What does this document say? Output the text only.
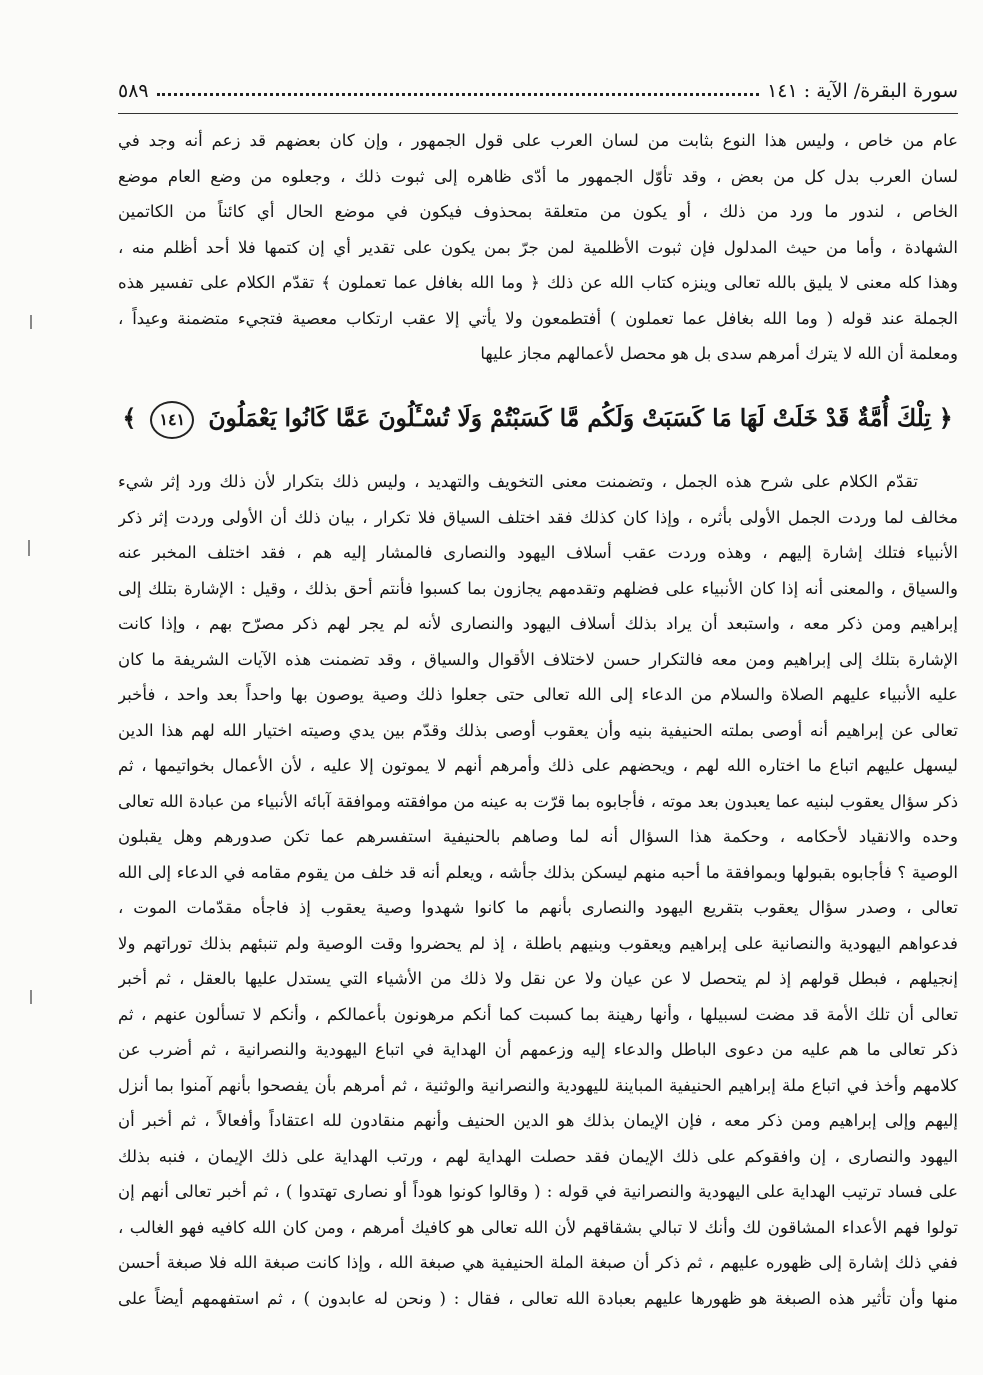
سورة البقرة/ الآية : ١٤١
٥٨٩
عام من خاص ، وليس هذا النوع بثابت من لسان العرب على قول الجمهور ، وإن كان بعضهم قد زعم أنه وجد في
لسان العرب بدل كل من بعض ، وقد تأوّل الجمهور ما أدّى ظاهره إلى ثبوت ذلك ، وجعلوه من وضع العام موضع
الخاص ، لندور ما ورد من ذلك ، أو يكون من متعلقة بمحذوف فيكون في موضع الحال أي كائناً من الكاتمين
الشهادة ، وأما من حيث المدلول فإن ثبوت الأظلمية لمن جرّ بمن يكون على تقدير أي إن كتمها فلا أحد أظلم منه ،
وهذا كله معنى لا يليق بالله تعالى وينزه كتاب الله عن ذلك ﴿ وما الله بغافل عما تعملون ﴾ تقدّم الكلام على تفسير هذه
الجملة عند قوله ( وما الله بغافل عما تعملون ) أفتطمعون ولا يأتي إلا عقب ارتكاب معصية فتجيء متضمنة وعيداً ،
ومعلمة أن الله لا يترك أمرهم سدى بل هو محصل لأعمالهم مجاز عليها
﴿ تِلْكَ أُمَّةٌ قَدْ خَلَتْ لَهَا مَا كَسَبَتْ وَلَكُم مَّا كَسَبْتُمْ وَلَا تُسْـَٔلُونَ عَمَّا كَانُوا يَعْمَلُونَ ١٤١ ﴾
تقدّم الكلام على شرح هذه الجمل ، وتضمنت معنى التخويف والتهديد ، وليس ذلك بتكرار لأن ذلك ورد إثر شيء
مخالف لما وردت الجمل الأولى بأثره ، وإذا كان كذلك فقد اختلف السياق فلا تكرار ، بيان ذلك أن الأولى وردت إثر ذكر
الأنبياء فتلك إشارة إليهم ، وهذه وردت عقب أسلاف اليهود والنصارى فالمشار إليه هم ، فقد اختلف المخبر عنه
والسياق ، والمعنى أنه إذا كان الأنبياء على فضلهم وتقدمهم يجازون بما كسبوا فأنتم أحق بذلك ، وقيل : الإشارة بتلك إلى
إبراهيم ومن ذكر معه ، واستبعد أن يراد بذلك أسلاف اليهود والنصارى لأنه لم يجر لهم ذكر مصرّح بهم ، وإذا كانت
الإشارة بتلك إلى إبراهيم ومن معه فالتكرار حسن لاختلاف الأقوال والسياق ، وقد تضمنت هذه الآيات الشريفة ما كان
عليه الأنبياء عليهم الصلاة والسلام من الدعاء إلى الله تعالى حتى جعلوا ذلك وصية يوصون بها واحداً بعد واحد ، فأخبر
تعالى عن إبراهيم أنه أوصى بملته الحنيفية بنيه وأن يعقوب أوصى بذلك وقدّم بين يدي وصيته اختيار الله لهم هذا الدين
ليسهل عليهم اتباع ما اختاره الله لهم ، ويحضهم على ذلك وأمرهم أنهم لا يموتون إلا عليه ، لأن الأعمال بخواتيمها ، ثم
ذكر سؤال يعقوب لبنيه عما يعبدون بعد موته ، فأجابوه بما قرّت به عينه من موافقته وموافقة آبائه الأنبياء من عبادة الله تعالى
وحده والانقياد لأحكامه ، وحكمة هذا السؤال أنه لما وصاهم بالحنيفية استفسرهم عما تكن صدورهم وهل يقبلون
الوصية ؟ فأجابوه بقبولها وبموافقة ما أحبه منهم ليسكن بذلك جأشه ، ويعلم أنه قد خلف من يقوم مقامه في الدعاء إلى الله
تعالى ، وصدر سؤال يعقوب بتقريع اليهود والنصارى بأنهم ما كانوا شهدوا وصية يعقوب إذ فاجأه مقدّمات الموت ،
فدعواهم اليهودية والنصانية على إبراهيم ويعقوب وبنيهم باطلة ، إذ لم يحضروا وقت الوصية ولم تنبئهم بذلك توراتهم ولا
إنجيلهم ، فبطل قولهم إذ لم يتحصل لا عن عيان ولا عن نقل ولا ذلك من الأشياء التي يستدل عليها بالعقل ، ثم أخبر
تعالى أن تلك الأمة قد مضت لسبيلها ، وأنها رهينة بما كسبت كما أنكم مرهونون بأعمالكم ، وأنكم لا تسألون عنهم ، ثم
ذكر تعالى ما هم عليه من دعوى الباطل والدعاء إليه وزعمهم أن الهداية في اتباع اليهودية والنصرانية ، ثم أضرب عن
كلامهم وأخذ في اتباع ملة إبراهيم الحنيفية المباينة لليهودية والنصرانية والوثنية ، ثم أمرهم بأن يفصحوا بأنهم آمنوا بما أنزل
إليهم وإلى إبراهيم ومن ذكر معه ، فإن الإيمان بذلك هو الدين الحنيف وأنهم منقادون لله اعتقاداً وأفعالاً ، ثم أخبر أن
اليهود والنصارى ، إن وافقوكم على ذلك الإيمان فقد حصلت الهداية لهم ، ورتب الهداية على ذلك الإيمان ، فنبه بذلك
على فساد ترتيب الهداية على اليهودية والنصرانية في قوله : ( وقالوا كونوا هوداً أو نصارى تهتدوا ) ، ثم أخبر تعالى أنهم إن
تولوا فهم الأعداء المشاقون لك وأنك لا تبالي بشقاقهم لأن الله تعالى هو كافيك أمرهم ، ومن كان الله كافيه فهو الغالب ،
ففي ذلك إشارة إلى ظهوره عليهم ، ثم ذكر أن صبغة الملة الحنيفية هي صبغة الله ، وإذا كانت صبغة الله فلا صبغة أحسن
منها وأن تأثير هذه الصبغة هو ظهورها عليهم بعبادة الله تعالى ، فقال : ( ونحن له عابدون ) ، ثم استفهمهم أيضاً على
